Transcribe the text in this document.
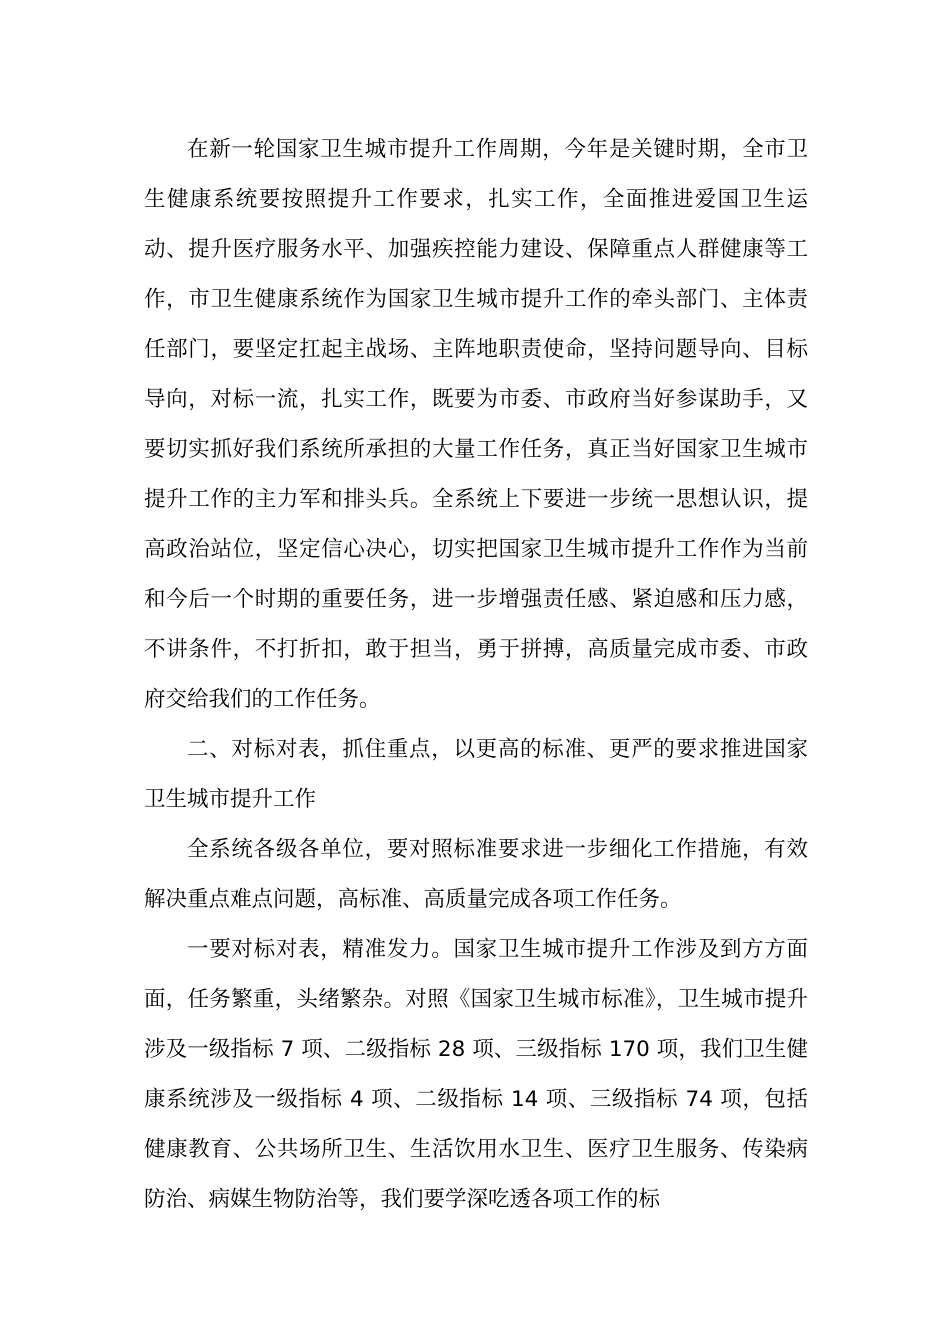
在新一轮国家卫生城市提升工作周期，今年是关键时期，全市卫生健康系统要按照提升工作要求，扎实工作，全面推进爱国卫生运动、提升医疗服务水平、加强疾控能力建设、保障重点人群健康等工作，市卫生健康系统作为国家卫生城市提升工作的牵头部门、主体责任部门，要坚定扛起主战场、主阵地职责使命，坚持问题导向、目标导向，对标一流，扎实工作，既要为市委、市政府当好参谋助手，又要切实抓好我们系统所承担的大量工作任务，真正当好国家卫生城市提升工作的主力军和排头兵。全系统上下要进一步统一思想认识，提高政治站位，坚定信心决心，切实把国家卫生城市提升工作作为当前和今后一个时期的重要任务，进一步增强责任感、紧迫感和压力感，不讲条件，不打折扣，敢于担当，勇于拼搏，高质量完成市委、市政府交给我们的工作任务。

二、对标对表，抓住重点，以更高的标准、更严的要求推进国家卫生城市提升工作

全系统各级各单位，要对照标准要求进一步细化工作措施，有效解决重点难点问题，高标准、高质量完成各项工作任务。

一要对标对表，精准发力。国家卫生城市提升工作涉及到方方面面，任务繁重，头绪繁杂。对照《国家卫生城市标准》，卫生城市提升涉及一级指标 7 项、二级指标 28 项、三级指标 170 项，我们卫生健康系统涉及一级指标 4 项、二级指标 14 项、三级指标 74 项，包括健康教育、公共场所卫生、生活饮用水卫生、医疗卫生服务、传染病防治、病媒生物防治等，我们要学深吃透各项工作的标
